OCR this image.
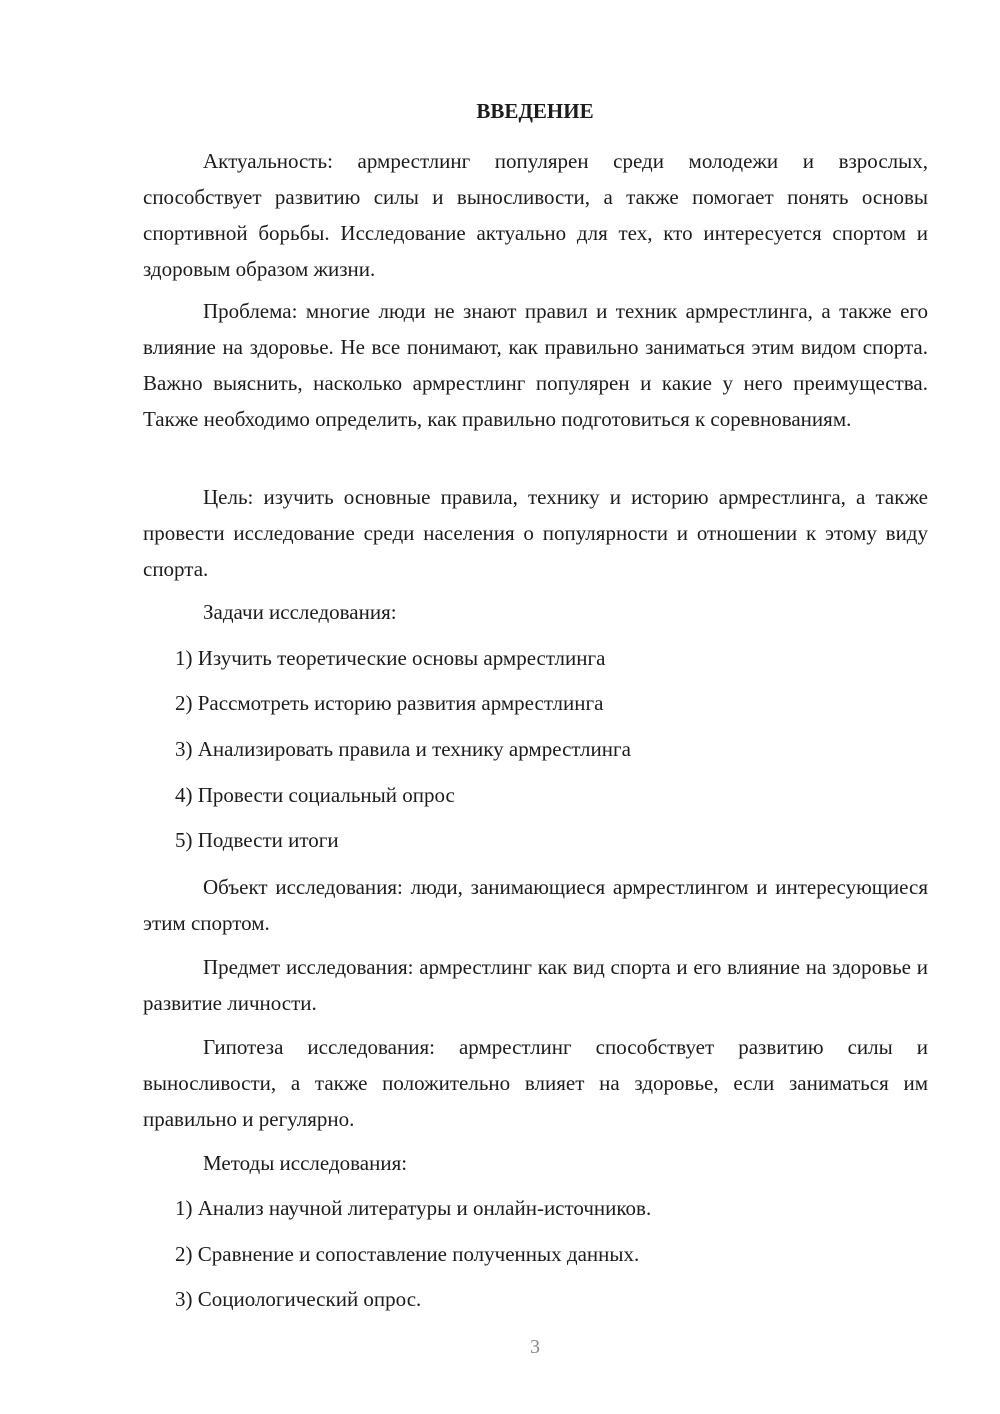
ВВЕДЕНИЕ

Актуальность: армрестлинг популярен среди молодежи и взрослых, способствует развитию силы и выносливости, а также помогает понять основы спортивной борьбы. Исследование актуально для тех, кто интересуется спортом и здоровым образом жизни.

Проблема: многие люди не знают правил и техник армрестлинга, а также его влияние на здоровье. Не все понимают, как правильно заниматься этим видом спорта. Важно выяснить, насколько армрестлинг популярен и какие у него преимущества. Также необходимо определить, как правильно подготовиться к соревнованиям.

Цель: изучить основные правила, технику и историю армрестлинга, а также провести исследование среди населения о популярности и отношении к этому виду спорта.

Задачи исследования:

1) Изучить теоретические основы армрестлинга

2) Рассмотреть историю развития армрестлинга

3) Анализировать правила и технику армрестлинга

4) Провести социальный опрос

5) Подвести итоги

Объект исследования: люди, занимающиеся армрестлингом и интересующиеся этим спортом.

Предмет исследования: армрестлинг как вид спорта и его влияние на здоровье и развитие личности.

Гипотеза исследования: армрестлинг способствует развитию силы и выносливости, а также положительно влияет на здоровье, если заниматься им правильно и регулярно.

Методы исследования:

1) Анализ научной литературы и онлайн-источников.

2) Сравнение и сопоставление полученных данных.

3) Социологический опрос.

3
